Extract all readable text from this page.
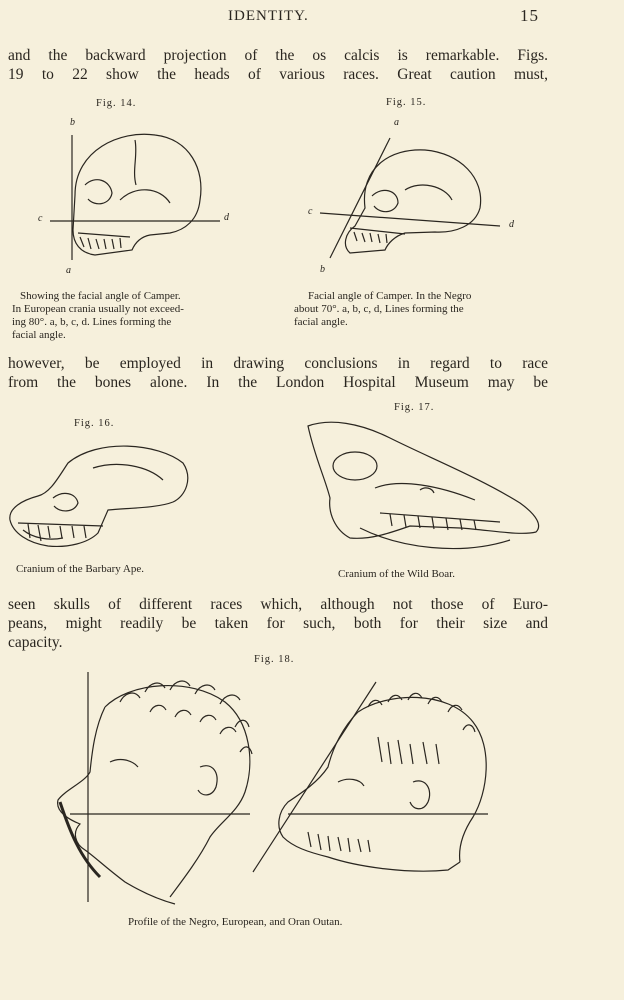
IDENTITY.	15
and the backward projection of the os calcis is remarkable. Figs.
19 to 22 show the heads of various races. Great caution must,
Fig. 14.
b
c	d
a
Showing the facial angle of Camper.
In European crania usually not exceed-
ing 80°. a, b, c, d. Lines forming the
facial angle.
Fig. 15.
a
c
d
b
Facial angle of Camper. In the Negro
about 70°. a, b, c, d, Lines forming the
facial angle.
however, be employed in drawing conclusions in regard to race
from the bones alone. In the London Hospital Museum may be
Fig. 16.
Cranium of the Barbary Ape.
Fig. 17.
Cranium of the Wild Boar.
seen skulls of different races which, although not those of Euro-
peans, might readily be taken for such, both for their size and
capacity.
Fig. 18.
Profile of the Negro, European, and Oran Outan.
